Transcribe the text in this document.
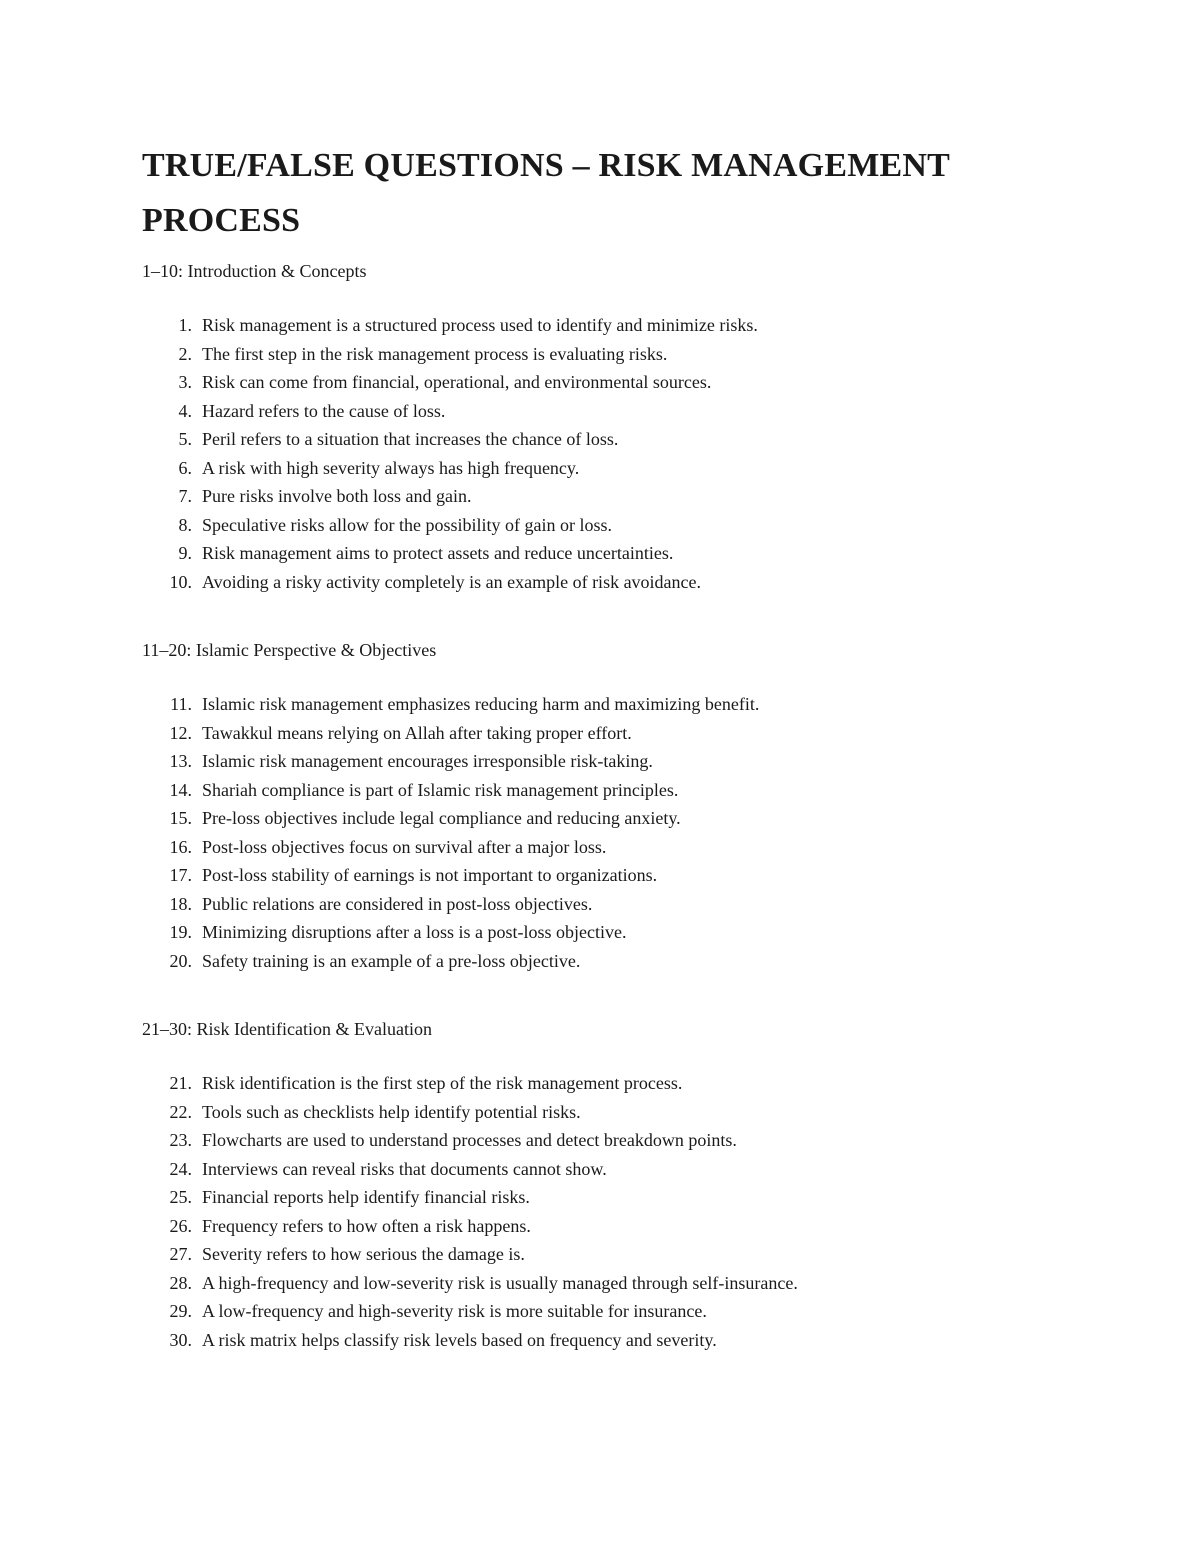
TRUE/FALSE QUESTIONS – RISK MANAGEMENT PROCESS
1–10: Introduction & Concepts
1. Risk management is a structured process used to identify and minimize risks.
2. The first step in the risk management process is evaluating risks.
3. Risk can come from financial, operational, and environmental sources.
4. Hazard refers to the cause of loss.
5. Peril refers to a situation that increases the chance of loss.
6. A risk with high severity always has high frequency.
7. Pure risks involve both loss and gain.
8. Speculative risks allow for the possibility of gain or loss.
9. Risk management aims to protect assets and reduce uncertainties.
10. Avoiding a risky activity completely is an example of risk avoidance.
11–20: Islamic Perspective & Objectives
11. Islamic risk management emphasizes reducing harm and maximizing benefit.
12. Tawakkul means relying on Allah after taking proper effort.
13. Islamic risk management encourages irresponsible risk-taking.
14. Shariah compliance is part of Islamic risk management principles.
15. Pre-loss objectives include legal compliance and reducing anxiety.
16. Post-loss objectives focus on survival after a major loss.
17. Post-loss stability of earnings is not important to organizations.
18. Public relations are considered in post-loss objectives.
19. Minimizing disruptions after a loss is a post-loss objective.
20. Safety training is an example of a pre-loss objective.
21–30: Risk Identification & Evaluation
21. Risk identification is the first step of the risk management process.
22. Tools such as checklists help identify potential risks.
23. Flowcharts are used to understand processes and detect breakdown points.
24. Interviews can reveal risks that documents cannot show.
25. Financial reports help identify financial risks.
26. Frequency refers to how often a risk happens.
27. Severity refers to how serious the damage is.
28. A high-frequency and low-severity risk is usually managed through self-insurance.
29. A low-frequency and high-severity risk is more suitable for insurance.
30. A risk matrix helps classify risk levels based on frequency and severity.
